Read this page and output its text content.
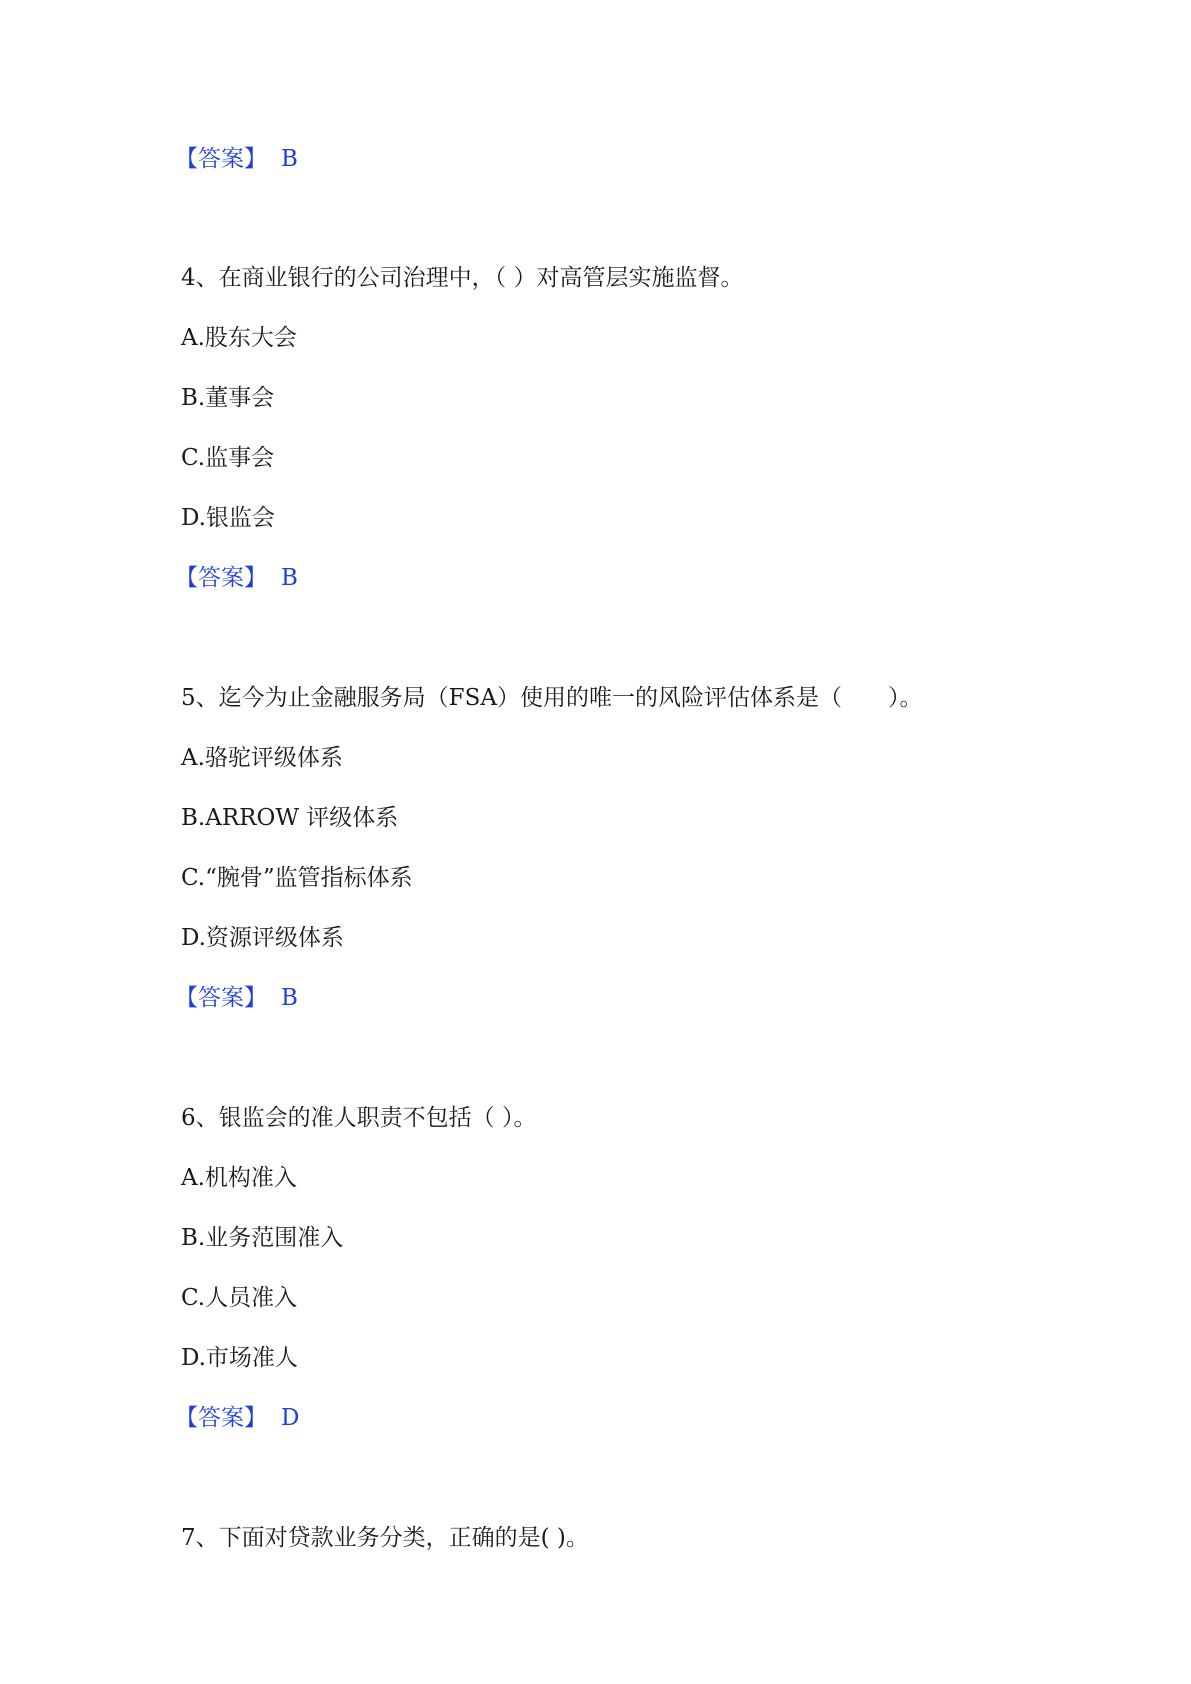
【答案】 B
4、在商业银行的公司治理中，（ ）对高管层实施监督。
A.股东大会
B.董事会
C.监事会
D.银监会
【答案】 B
5、迄今为止金融服务局（FSA）使用的唯一的风险评估体系是（　　）。
A.骆驼评级体系
B.ARROW 评级体系
C.“腕骨”监管指标体系
D.资源评级体系
【答案】 B
6、银监会的准人职责不包括（ ）。
A.机构准入
B.业务范围准入
C.人员准入
D.市场准人
【答案】 D
7、下面对贷款业务分类，正确的是( )。
